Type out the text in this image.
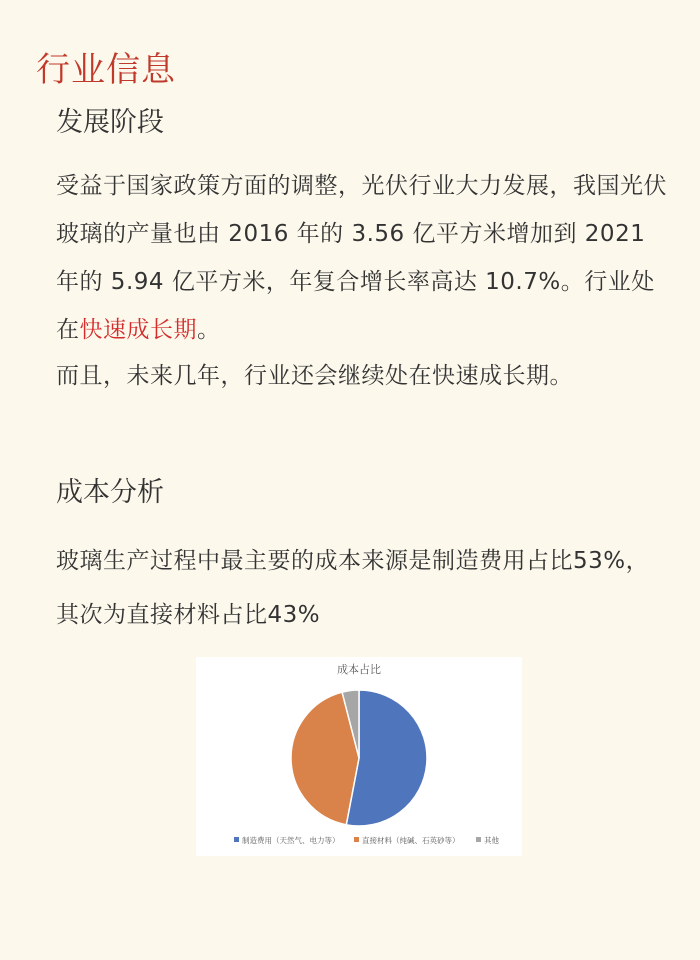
行业信息
发展阶段

受益于国家政策方面的调整，光伏行业大力发展，我国光伏玻璃的产量也由 2016 年的 3.56 亿平方米增加到 2021 年的 5.94 亿平方米，年复合增长率高达 10.7%。行业处在快速成长期。

而且，未来几年，行业还会继续处在快速成长期。

成本分析

玻璃生产过程中最主要的成本来源是制造费用占比53%，其次为直接材料占比43%

成本占比
制造费用（天然气、电力等）	直接材料（纯碱、石英砂等）	其他
